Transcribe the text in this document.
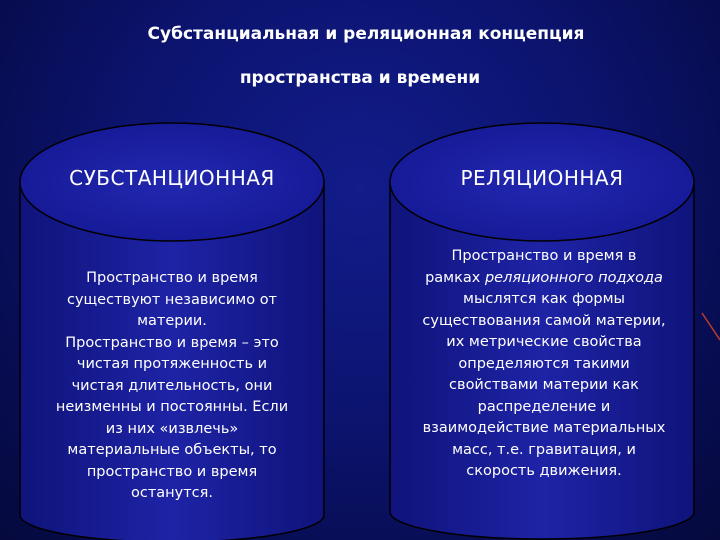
Субстанциальная и реляционная концепция
пространства и времени
СУБСТАНЦИОННАЯ	РЕЛЯЦИОННАЯ
Пространство и время
существуют независимо от
материи.
Пространство и время – это
чистая протяженность и
чистая длительность, они
неизменны и постоянны. Если
из них «извлечь»
материальные объекты, то
пространство и время
останутся.
Пространство и время в
рамках реляционного подхода
мыслятся как формы
существования самой материи,
их метрические свойства
определяются такими
свойствами материи как
распределение и
взаимодействие материальных
масс, т.е. гравитация, и
скорость движения.
